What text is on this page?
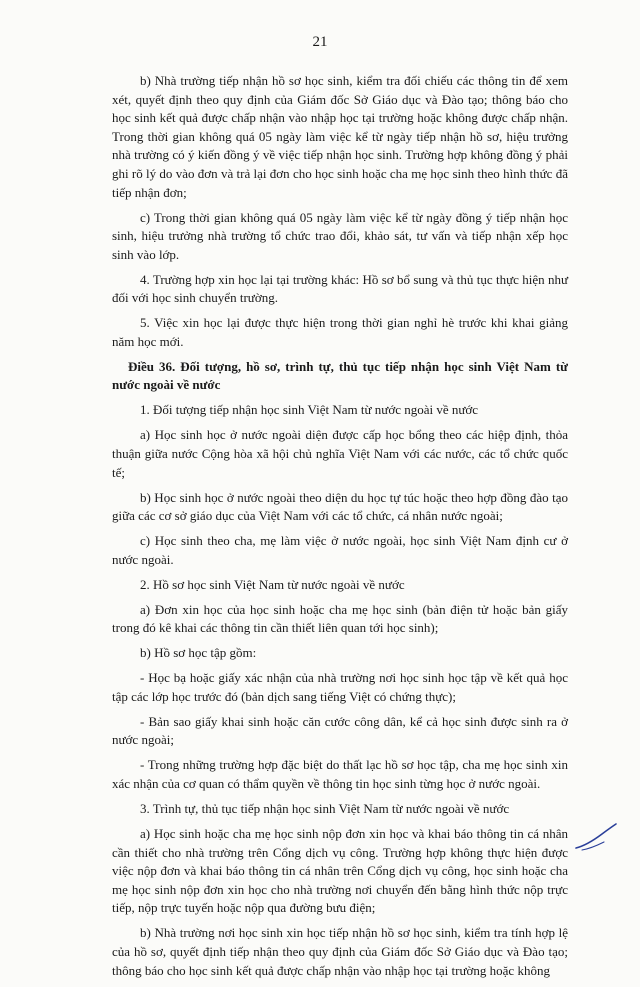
21

b) Nhà trường tiếp nhận hồ sơ học sinh, kiểm tra đối chiếu các thông tin để xem xét, quyết định theo quy định của Giám đốc Sở Giáo dục và Đào tạo; thông báo cho học sinh kết quả được chấp nhận vào nhập học tại trường hoặc không được chấp nhận. Trong thời gian không quá 05 ngày làm việc kể từ ngày tiếp nhận hồ sơ, hiệu trưởng nhà trường có ý kiến đồng ý về việc tiếp nhận học sinh. Trường hợp không đồng ý phải ghi rõ lý do vào đơn và trả lại đơn cho học sinh hoặc cha mẹ học sinh theo hình thức đã tiếp nhận đơn;

c) Trong thời gian không quá 05 ngày làm việc kể từ ngày đồng ý tiếp nhận học sinh, hiệu trưởng nhà trường tổ chức trao đổi, khảo sát, tư vấn và tiếp nhận xếp học sinh vào lớp.

4. Trường hợp xin học lại tại trường khác: Hồ sơ bổ sung và thủ tục thực hiện như đối với học sinh chuyển trường.

5. Việc xin học lại được thực hiện trong thời gian nghỉ hè trước khi khai giảng năm học mới.

Điều 36. Đối tượng, hồ sơ, trình tự, thủ tục tiếp nhận học sinh Việt Nam từ nước ngoài về nước

1. Đối tượng tiếp nhận học sinh Việt Nam từ nước ngoài về nước

a) Học sinh học ở nước ngoài diện được cấp học bổng theo các hiệp định, thỏa thuận giữa nước Cộng hòa xã hội chủ nghĩa Việt Nam với các nước, các tổ chức quốc tế;

b) Học sinh học ở nước ngoài theo diện du học tự túc hoặc theo hợp đồng đào tạo giữa các cơ sở giáo dục của Việt Nam với các tổ chức, cá nhân nước ngoài;

c) Học sinh theo cha, mẹ làm việc ở nước ngoài, học sinh Việt Nam định cư ở nước ngoài.

2. Hồ sơ học sinh Việt Nam từ nước ngoài về nước

a) Đơn xin học của học sinh hoặc cha mẹ học sinh (bản điện tử hoặc bản giấy trong đó kê khai các thông tin cần thiết liên quan tới học sinh);

b) Hồ sơ học tập gồm:

- Học bạ hoặc giấy xác nhận của nhà trường nơi học sinh học tập về kết quả học tập các lớp học trước đó (bản dịch sang tiếng Việt có chứng thực);

- Bản sao giấy khai sinh hoặc căn cước công dân, kể cả học sinh được sinh ra ở nước ngoài;

- Trong những trường hợp đặc biệt do thất lạc hồ sơ học tập, cha mẹ học sinh xin xác nhận của cơ quan có thẩm quyền về thông tin học sinh từng học ở nước ngoài.

3. Trình tự, thủ tục tiếp nhận học sinh Việt Nam từ nước ngoài về nước

a) Học sinh hoặc cha mẹ học sinh nộp đơn xin học và khai báo thông tin cá nhân cần thiết cho nhà trường trên Cổng dịch vụ công. Trường hợp không thực hiện được việc nộp đơn và khai báo thông tin cá nhân trên Cổng dịch vụ công, học sinh hoặc cha mẹ học sinh nộp đơn xin học cho nhà trường nơi chuyển đến bằng hình thức nộp trực tiếp, nộp trực tuyến hoặc nộp qua đường bưu điện;

b) Nhà trường nơi học sinh xin học tiếp nhận hồ sơ học sinh, kiểm tra tính hợp lệ của hồ sơ, quyết định tiếp nhận theo quy định của Giám đốc Sở Giáo dục và Đào tạo; thông báo cho học sinh kết quả được chấp nhận vào nhập học tại trường hoặc không
